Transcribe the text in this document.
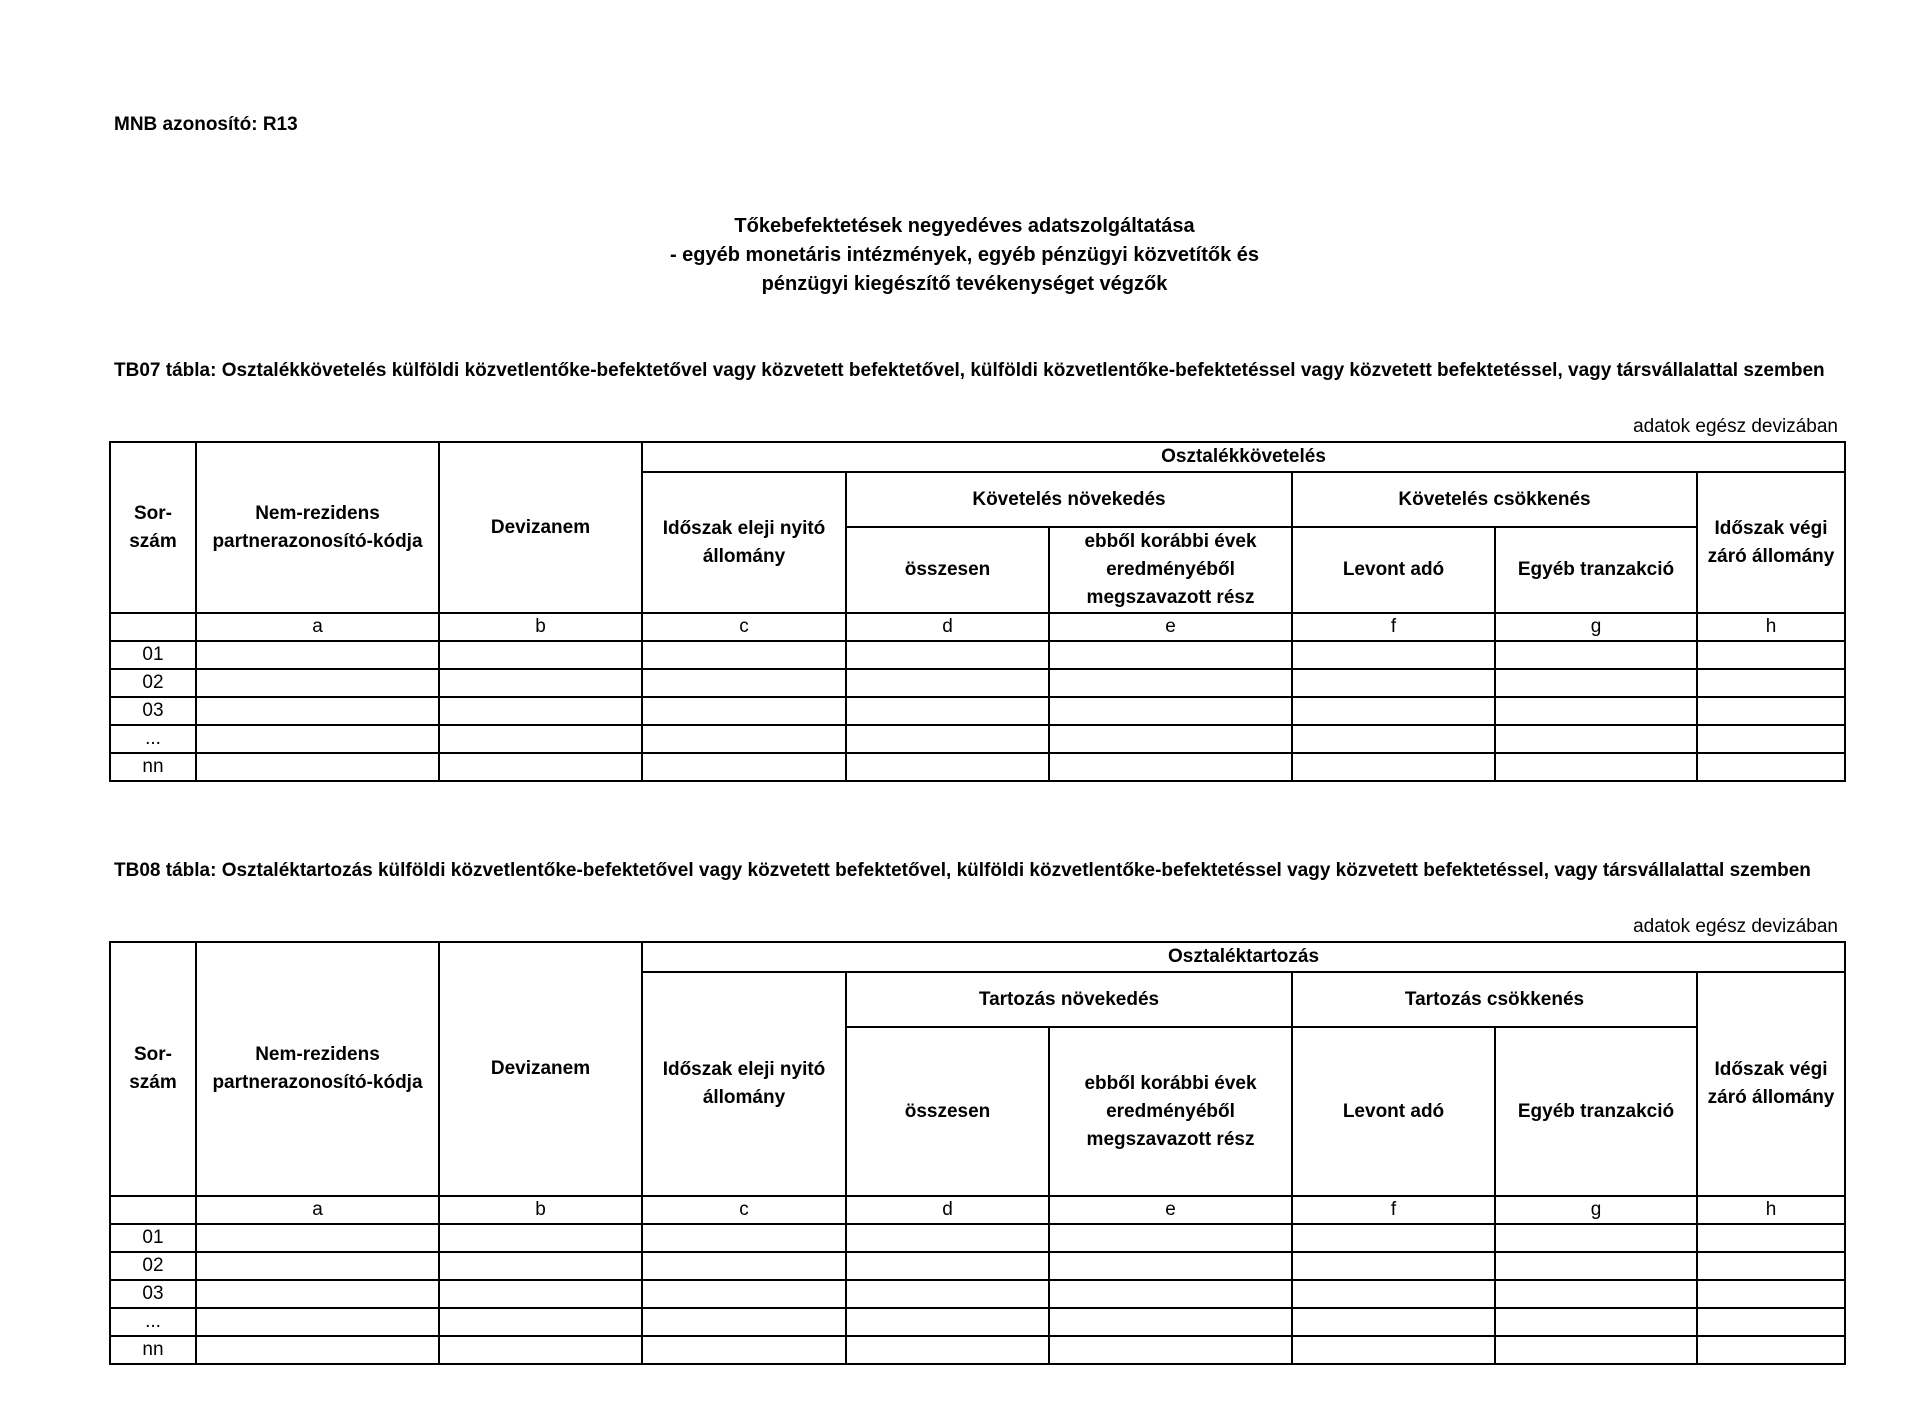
MNB azonosító: R13
Tőkebefektetések negyedéves adatszolgáltatása
- egyéb monetáris intézmények, egyéb pénzügyi közvetítők és
pénzügyi kiegészítő tevékenységet végzők
TB07 tábla: Osztalékkövetelés külföldi közvetlentőke-befektetővel vagy közvetett befektetővel, külföldi közvetlentőke-befektetéssel vagy közvetett befektetéssel, vagy társvállalattal szemben
adatok egész devizában
Sor-szám	Nem-rezidens partnerazonosító-kódja	Devizanem	Osztalékkövetelés					
			Időszak eleji nyitó állomány	Követelés növekedés		Követelés csökkenés		Időszak végi záró állomány
				összesen	ebből korábbi évek eredményéből megszavazott rész	Levont adó	Egyéb tranzakció	
	a	b	c	d	e	f	g	h
01								
02								
03								
...								
nn								
TB08 tábla: Osztaléktartozás külföldi közvetlentőke-befektetővel vagy közvetett befektetővel, külföldi közvetlentőke-befektetéssel vagy közvetett befektetéssel, vagy társvállalattal szemben
adatok egész devizában
Sor-szám	Nem-rezidens partnerazonosító-kódja	Devizanem	Osztaléktartozás					
			Időszak eleji nyitó állomány	Tartozás növekedés		Tartozás csökkenés		Időszak végi záró állomány
				összesen	ebből korábbi évek eredményéből megszavazott rész	Levont adó	Egyéb tranzakció	
	a	b	c	d	e	f	g	h
01								
02								
03								
...								
nn								
